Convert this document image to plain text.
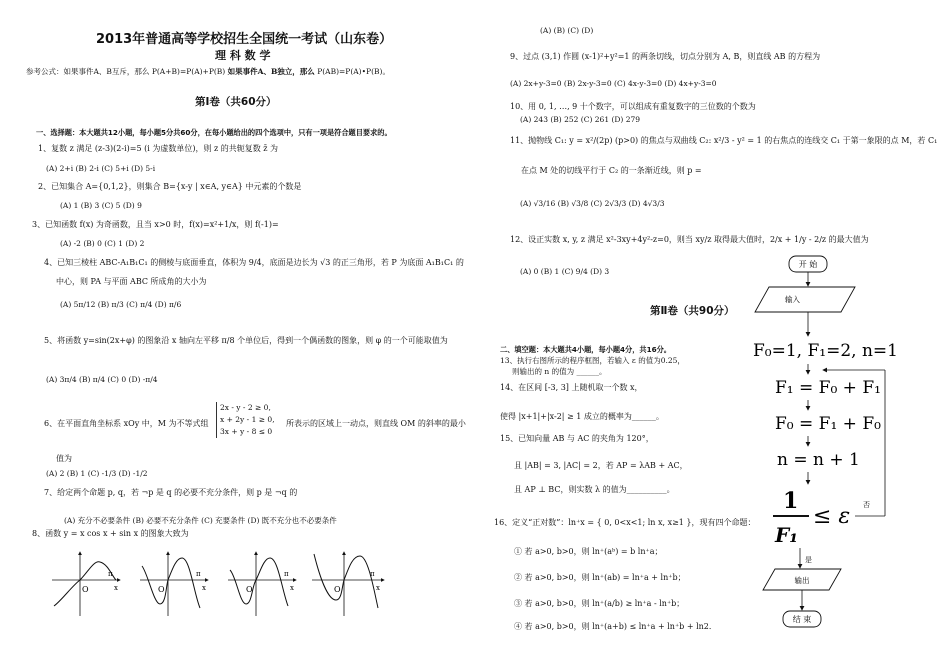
2013年普通高等学校招生全国统一考试（山东卷）
理 科 数 学
参考公式：如果事件A、B互斥，那么 P(A+B)=P(A)+P(B) 如果事件A、B独立，那么 P(AB)=P(A)•P(B)。
第Ⅰ卷（共60分）
一、选择题：本大题共12小题，每小题5分共60分，在每小题给出的四个选项中，只有一项是符合题目要求的。
1、复数 z 满足 (z-3)(2-i)=5 (i 为虚数单位)，则 z 的共轭复数 z̄ 为
(A) 2+i (B) 2-i (C) 5+i (D) 5-i
2、已知集合 A={0,1,2}，则集合 B={x-y | x∈A, y∈A} 中元素的个数是
(A) 1 (B) 3 (C) 5 (D) 9
3、已知函数 f(x) 为奇函数，且当 x>0 时，f(x)=x²+1/x，则 f(-1)=
(A) -2 (B) 0 (C) 1 (D) 2
4、已知三棱柱 ABC-A₁B₁C₁ 的侧棱与底面垂直，体积为 9/4，底面是边长为 √3 的正三角形，若 P 为底面 A₁B₁C₁ 的
中心，则 PA 与平面 ABC 所成角的大小为
(A) 5π/12 (B) π/3 (C) π/4 (D) π/6
5、将函数 y=sin(2x+φ) 的图象沿 x 轴向左平移 π/8 个单位后，得到一个偶函数的图象，则 φ 的一个可能取值为
(A) 3π/4 (B) π/4 (C) 0 (D) -π/4
6、在平面直角坐标系 xOy 中，M 为不等式组
2x - y - 2 ≥ 0,
x + 2y - 1 ≥ 0,
3x + y - 8 ≤ 0
所表示的区域上一动点，则直线 OM 的斜率的最小
值为
(A) 2 (B) 1 (C) -1/3 (D) -1/2
7、给定两个命题 p, q，若 ¬p 是 q 的必要不充分条件，则 p 是 ¬q 的
(A) 充分不必要条件 (B) 必要不充分条件 (C) 充要条件 (D) 既不充分也不必要条件
8、函数 y = x cos x + sin x 的图象大致为
O
π
x	O
π
x	O
π
x	O
π
x
(A) (B) (C) (D)
9、过点 (3,1) 作圆 (x-1)²+y²=1 的两条切线，切点分别为 A, B，则直线 AB 的方程为
(A) 2x+y-3=0 (B) 2x-y-3=0 (C) 4x-y-3=0 (D) 4x+y-3=0
10、用 0, 1, …, 9 十个数字，可以组成有重复数字的三位数的个数为
(A) 243 (B) 252 (C) 261 (D) 279
11、抛物线 C₁: y = x²/(2p) (p>0) 的焦点与双曲线 C₂: x²/3 - y² = 1 的右焦点的连线交 C₁ 于第一象限的点 M，若 C₁
在点 M 处的切线平行于 C₂ 的一条渐近线，则 p =
(A) √3/16 (B) √3/8 (C) 2√3/3 (D) 4√3/3
12、设正实数 x, y, z 满足 x²-3xy+4y²-z=0，则当 xy/z 取得最大值时，2/x + 1/y - 2/z 的最大值为
(A) 0 (B) 1 (C) 9/4 (D) 3
第Ⅱ卷（共90分）
二、填空题：本大题共4小题，每小题4分，共16分。
13、执行右图所示的程序框图，若输入 ε 的值为0.25，
则输出的 n 的值为 ______。
14、在区间 [-3, 3] 上随机取一个数 x，
使得 |x+1|+|x-2| ≥ 1 成立的概率为______。
15、已知向量 AB 与 AC 的夹角为 120°，
且 |AB| = 3, |AC| = 2，若 AP = λAB + AC，
且 AP ⊥ BC，则实数 λ 的值为__________。
16、定义“正对数”：ln⁺x = { 0, 0<x<1; ln x, x≥1 }，现有四个命题：
① 若 a>0, b>0，则 ln⁺(aᵇ) = b ln⁺a；
② 若 a>0, b>0，则 ln⁺(ab) = ln⁺a + ln⁺b；
③ 若 a>0, b>0，则 ln⁺(a/b) ≥ ln⁺a - ln⁺b；
④ 若 a>0, b>0，则 ln⁺(a+b) ≤ ln⁺a + ln⁺b + ln2．
开 始
输入
F₀=1, F₁=2, n=1
F₁ = F₀ + F₁
F₀ = F₁ + F₀
n = n + 1
1
F₁
≤ ε 否
是
输出
结 束
